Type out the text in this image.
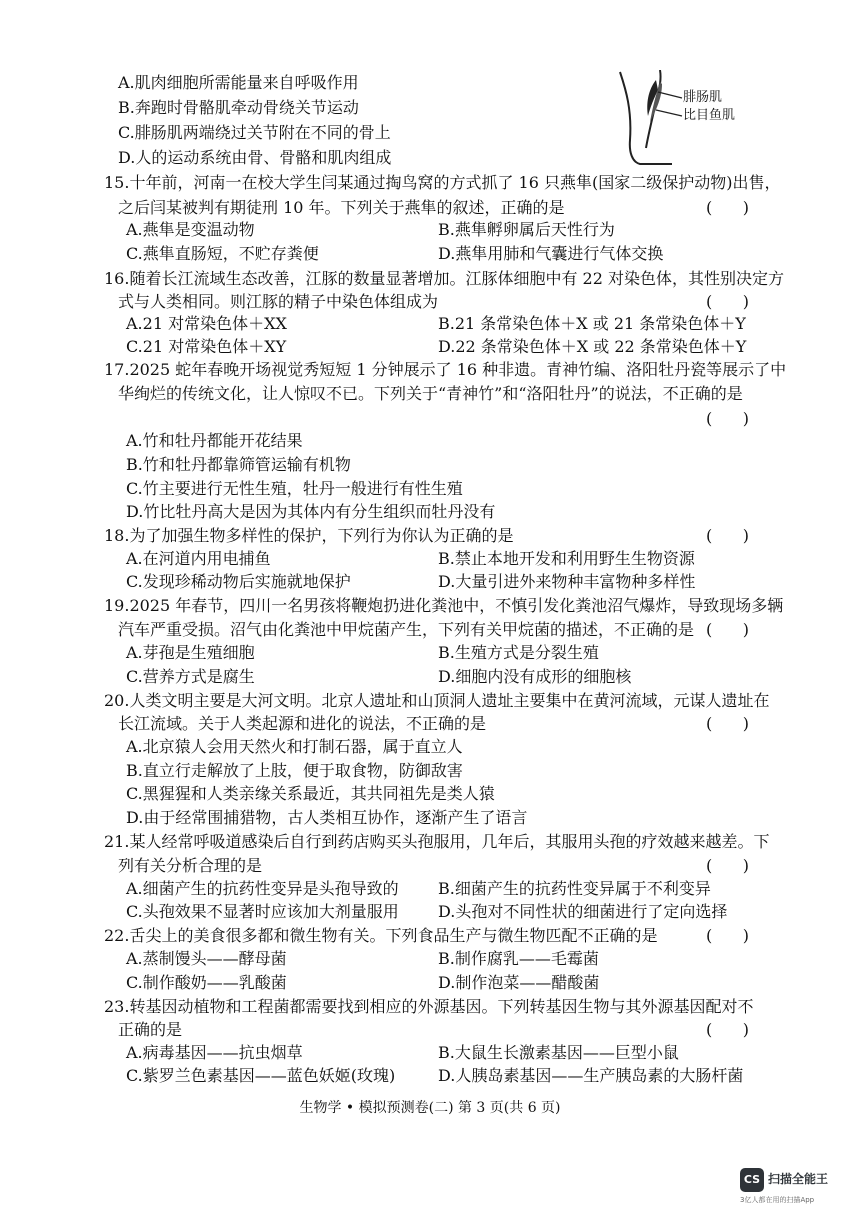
A.肌肉细胞所需能量来自呼吸作用
B.奔跑时骨骼肌牵动骨绕关节运动
C.腓肠肌两端绕过关节附在不同的骨上
D.人的运动系统由骨、骨骼和肌肉组成
腓肠肌
比目鱼肌
15.十年前，河南一在校大学生闫某通过掏鸟窝的方式抓了 16 只燕隼(国家二级保护动物)出售，
之后闫某被判有期徒刑 10 年。下列关于燕隼的叙述，正确的是	(      )
A.燕隼是变温动物	B.燕隼孵卵属后天性行为
C.燕隼直肠短，不贮存粪便	D.燕隼用肺和气囊进行气体交换
16.随着长江流域生态改善，江豚的数量显著增加。江豚体细胞中有 22 对染色体，其性别决定方
式与人类相同。则江豚的精子中染色体组成为	(      )
A.21 对常染色体＋XX	B.21 条常染色体＋X 或 21 条常染色体＋Y
C.21 对常染色体＋XY	D.22 条常染色体＋X 或 22 条常染色体＋Y
17.2025 蛇年春晚开场视觉秀短短 1 分钟展示了 16 种非遗。青神竹编、洛阳牡丹瓷等展示了中
华绚烂的传统文化，让人惊叹不已。下列关于“青神竹”和“洛阳牡丹”的说法，不正确的是
(      )
A.竹和牡丹都能开花结果
B.竹和牡丹都靠筛管运输有机物
C.竹主要进行无性生殖，牡丹一般进行有性生殖
D.竹比牡丹高大是因为其体内有分生组织而牡丹没有
18.为了加强生物多样性的保护，下列行为你认为正确的是	(      )
A.在河道内用电捕鱼	B.禁止本地开发和利用野生生物资源
C.发现珍稀动物后实施就地保护	D.大量引进外来物种丰富物种多样性
19.2025 年春节，四川一名男孩将鞭炮扔进化粪池中，不慎引发化粪池沼气爆炸，导致现场多辆
汽车严重受损。沼气由化粪池中甲烷菌产生，下列有关甲烷菌的描述，不正确的是 (      )
A.芽孢是生殖细胞	B.生殖方式是分裂生殖
C.营养方式是腐生	D.细胞内没有成形的细胞核
20.人类文明主要是大河文明。北京人遗址和山顶洞人遗址主要集中在黄河流域，元谋人遗址在
长江流域。关于人类起源和进化的说法，不正确的是	(      )
A.北京猿人会用天然火和打制石器，属于直立人
B.直立行走解放了上肢，便于取食物，防御敌害
C.黑猩猩和人类亲缘关系最近，其共同祖先是类人猿
D.由于经常围捕猎物，古人类相互协作，逐渐产生了语言
21.某人经常呼吸道感染后自行到药店购买头孢服用，几年后，其服用头孢的疗效越来越差。下
列有关分析合理的是	(      )
A.细菌产生的抗药性变异是头孢导致的 B.细菌产生的抗药性变异属于不利变异
C.头孢效果不显著时应该加大剂量服用 D.头孢对不同性状的细菌进行了定向选择
22.舌尖上的美食很多都和微生物有关。下列食品生产与微生物匹配不正确的是	(      )
A.蒸制馒头——酵母菌	B.制作腐乳——毛霉菌
C.制作酸奶——乳酸菌	D.制作泡菜——醋酸菌
23.转基因动植物和工程菌都需要找到相应的外源基因。下列转基因生物与其外源基因配对不
正确的是	(      )
A.病毒基因——抗虫烟草	B.大鼠生长激素基因——巨型小鼠
C.紫罗兰色素基因——蓝色妖姬(玫瑰)	D.人胰岛素基因——生产胰岛素的大肠杆菌
生物学 • 模拟预测卷(二) 第 3 页(共 6 页)
CS 扫描全能王
3亿人都在用的扫描App
